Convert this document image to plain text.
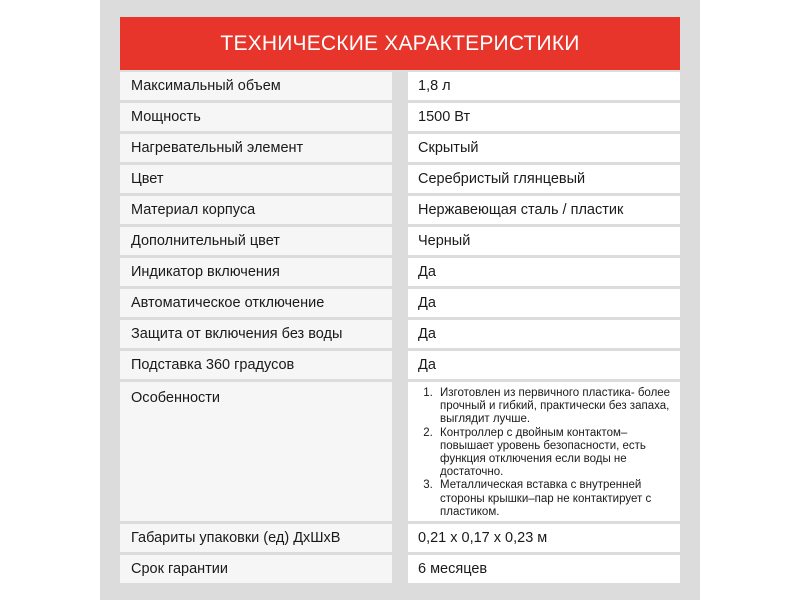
ТЕХНИЧЕСКИЕ ХАРАКТЕРИСТИКИ
Максимальный объем	1,8 л
Мощность	1500 Вт
Нагревательный элемент	Скрытый
Цвет	Серебристый глянцевый
Материал корпуса	Нержавеющая сталь / пластик
Дополнительный цвет	Черный
Индикатор включения	Да
Автоматическое отключение	Да
Защита от включения без воды	Да
Подставка 360 градусов	Да
Особенности
1.	Изготовлен из первичного пластика- более прочный и гибкий, практически без запаха, выглядит лучше.
2. Контроллер с двойным контактом– повышает уровень безопасности, есть функция отключения если воды не достаточно.
3. Металлическая вставка с внутренней стороны крышки–пар не контактирует с пластиком.
Габариты упаковки (ед) ДхШхВ	0,21 х 0,17 х 0,23 м
Срок гарантии	6 месяцев
